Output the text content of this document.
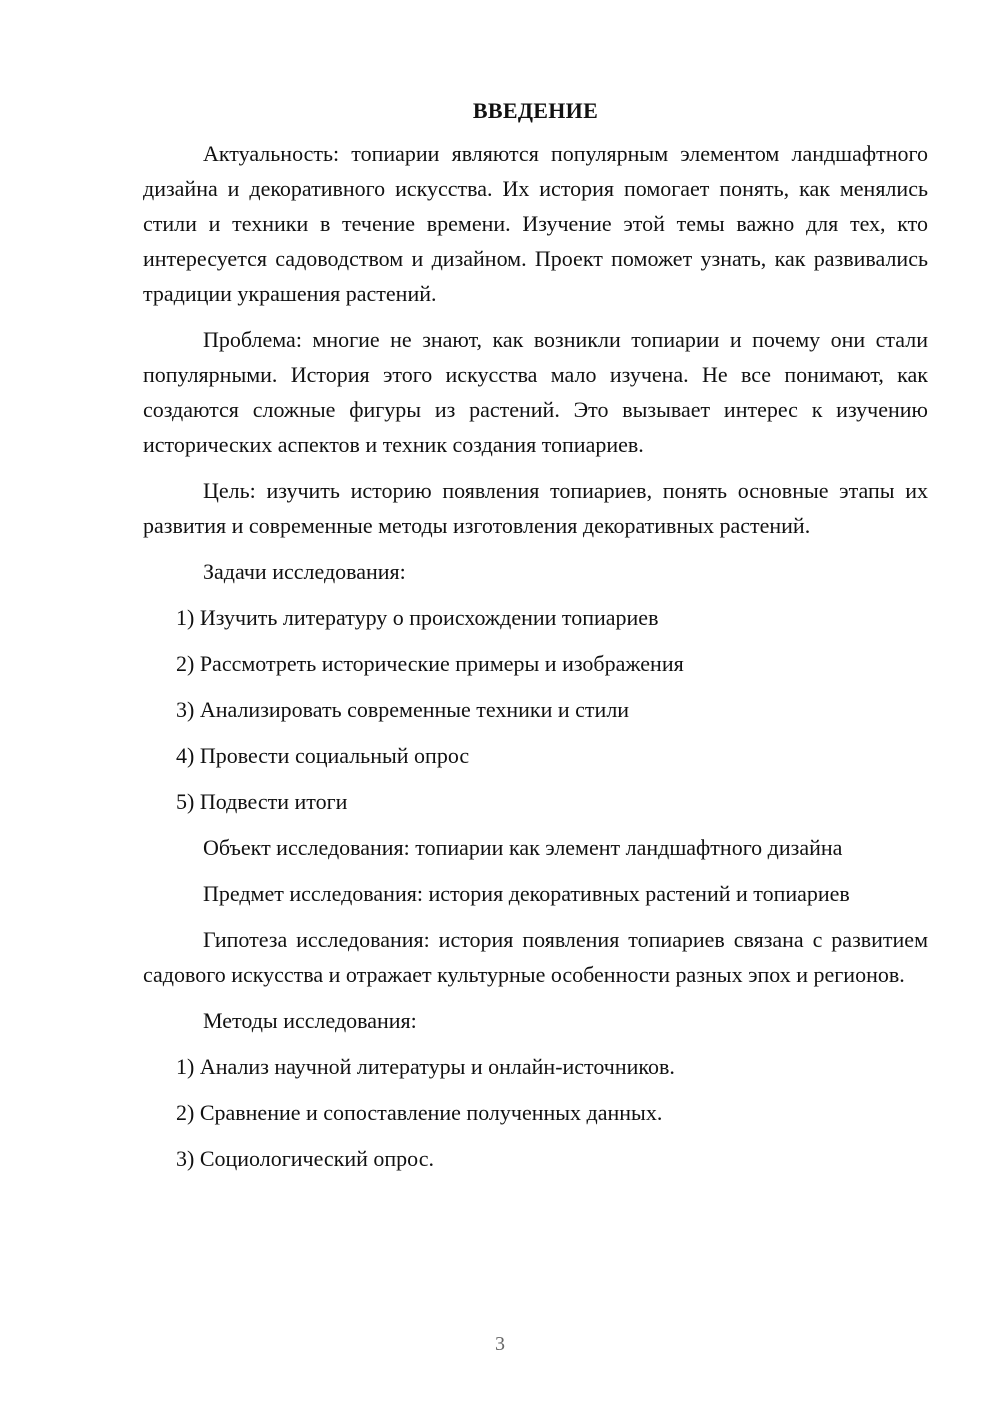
ВВЕДЕНИЕ

Актуальность: топиарии являются популярным элементом ландшафтного дизайна и декоративного искусства. Их история помогает понять, как менялись стили и техники в течение времени. Изучение этой темы важно для тех, кто интересуется садоводством и дизайном. Проект поможет узнать, как развивались традиции украшения растений.

Проблема: многие не знают, как возникли топиарии и почему они стали популярными. История этого искусства мало изучена. Не все понимают, как создаются сложные фигуры из растений. Это вызывает интерес к изучению исторических аспектов и техник создания топиариев.

Цель: изучить историю появления топиариев, понять основные этапы их развития и современные методы изготовления декоративных растений.

Задачи исследования:
1) Изучить литературу о происхождении топиариев
2) Рассмотреть исторические примеры и изображения
3) Анализировать современные техники и стили
4) Провести социальный опрос
5) Подвести итоги

Объект исследования: топиарии как элемент ландшафтного дизайна

Предмет исследования: история декоративных растений и топиариев

Гипотеза исследования: история появления топиариев связана с развитием садового искусства и отражает культурные особенности разных эпох и регионов.

Методы исследования:
1) Анализ научной литературы и онлайн-источников.
2) Сравнение и сопоставление полученных данных.
3) Социологический опрос.
3
